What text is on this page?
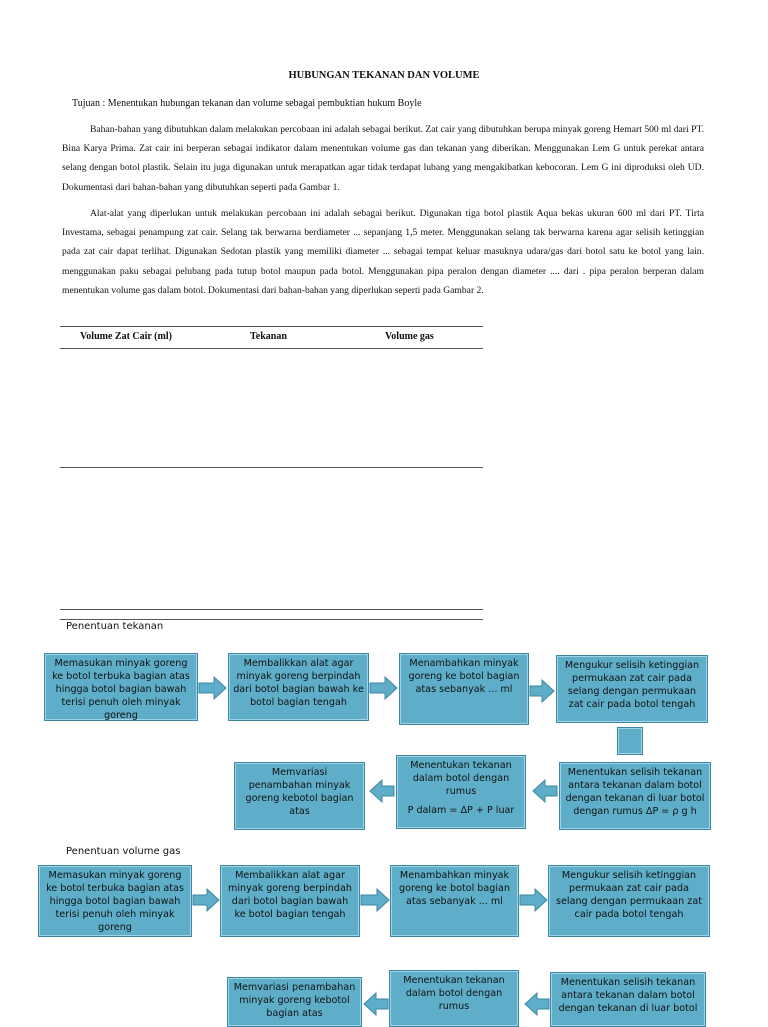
HUBUNGAN TEKANAN DAN VOLUME
Tujuan : Menentukan hubungan tekanan dan volume sebagai pembuktian hukum Boyle
Bahan-bahan yang dibutuhkan dalam melakukan percobaan ini adalah sebagai berikut. Zat cair yang dibutuhkan berupa minyak goreng Hemart 500 ml dari PT. Bina Karya Prima. Zat cair ini berperan sebagai indikator dalam menentukan volume gas dan tekanan yang diberikan. Menggunakan Lem G untuk perekat antara selang dengan botol plastik. Selain itu juga digunakan untuk merapatkan agar tidak terdapat lubang yang mengakibatkan kebocoran. Lem G ini diproduksi oleh UD. Dokumentasi dari bahan-bahan yang dibutuhkan seperti pada Gambar 1.
Alat-alat yang diperlukan untuk melakukan percobaan ini adalah sebagai berikut. Digunakan tiga botol plastik Aqua bekas ukuran 600 ml dari PT. Tirta Investama, sebagai penampung zat cair. Selang tak berwarna berdiameter ... sepanjang 1,5 meter. Menggunakan selang tak berwarna karena agar selisih ketinggian pada zat cair dapat terlihat. Digunakan Sedotan plastik yang memiliki diameter ... sebagai tempat keluar masuknya udara/gas dari botol satu ke botol yang lain. menggunakan paku sebagai pelubang pada tutup botol maupun pada botol. Menggunakan pipa peralon dengan diameter .... dari . pipa peralon berperan dalam menentukan volume gas dalam botol. Dokumentasi dari bahan-bahan yang diperlukan seperti pada Gambar 2.
Volume Zat Cair (ml)	Tekanan	Volume gas
Penentuan tekanan
Memasukan minyak goreng ke botol terbuka bagian atas hingga botol bagian bawah terisi penuh oleh minyak goreng
Membalikkan alat agar minyak goreng berpindah dari botol bagian bawah ke botol bagian tengah
Menambahkan minyak goreng ke botol bagian atas sebanyak ... ml
Mengukur selisih ketinggian permukaan zat cair pada selang dengan permukaan zat cair pada botol tengah
Memvariasi penambahan minyak goreng kebotol bagian atas
Menentukan tekanan dalam botol dengan rumus
P dalam = ΔP + P luar
Menentukan selisih tekanan antara tekanan dalam botol dengan tekanan di luar botol dengan rumus ΔP = ρ g h
Penentuan volume gas
Memasukan minyak goreng ke botol terbuka bagian atas hingga botol bagian bawah terisi penuh oleh minyak goreng
Membalikkan alat agar minyak goreng berpindah dari botol bagian bawah ke botol bagian tengah
Menambahkan minyak goreng ke botol bagian atas sebanyak ... ml
Mengukur selisih ketinggian permukaan zat cair pada selang dengan permukaan zat cair pada botol tengah
Memvariasi penambahan minyak goreng kebotol bagian atas
Menentukan tekanan dalam botol dengan rumus
Menentukan selisih tekanan antara tekanan dalam botol dengan tekanan di luar botol
